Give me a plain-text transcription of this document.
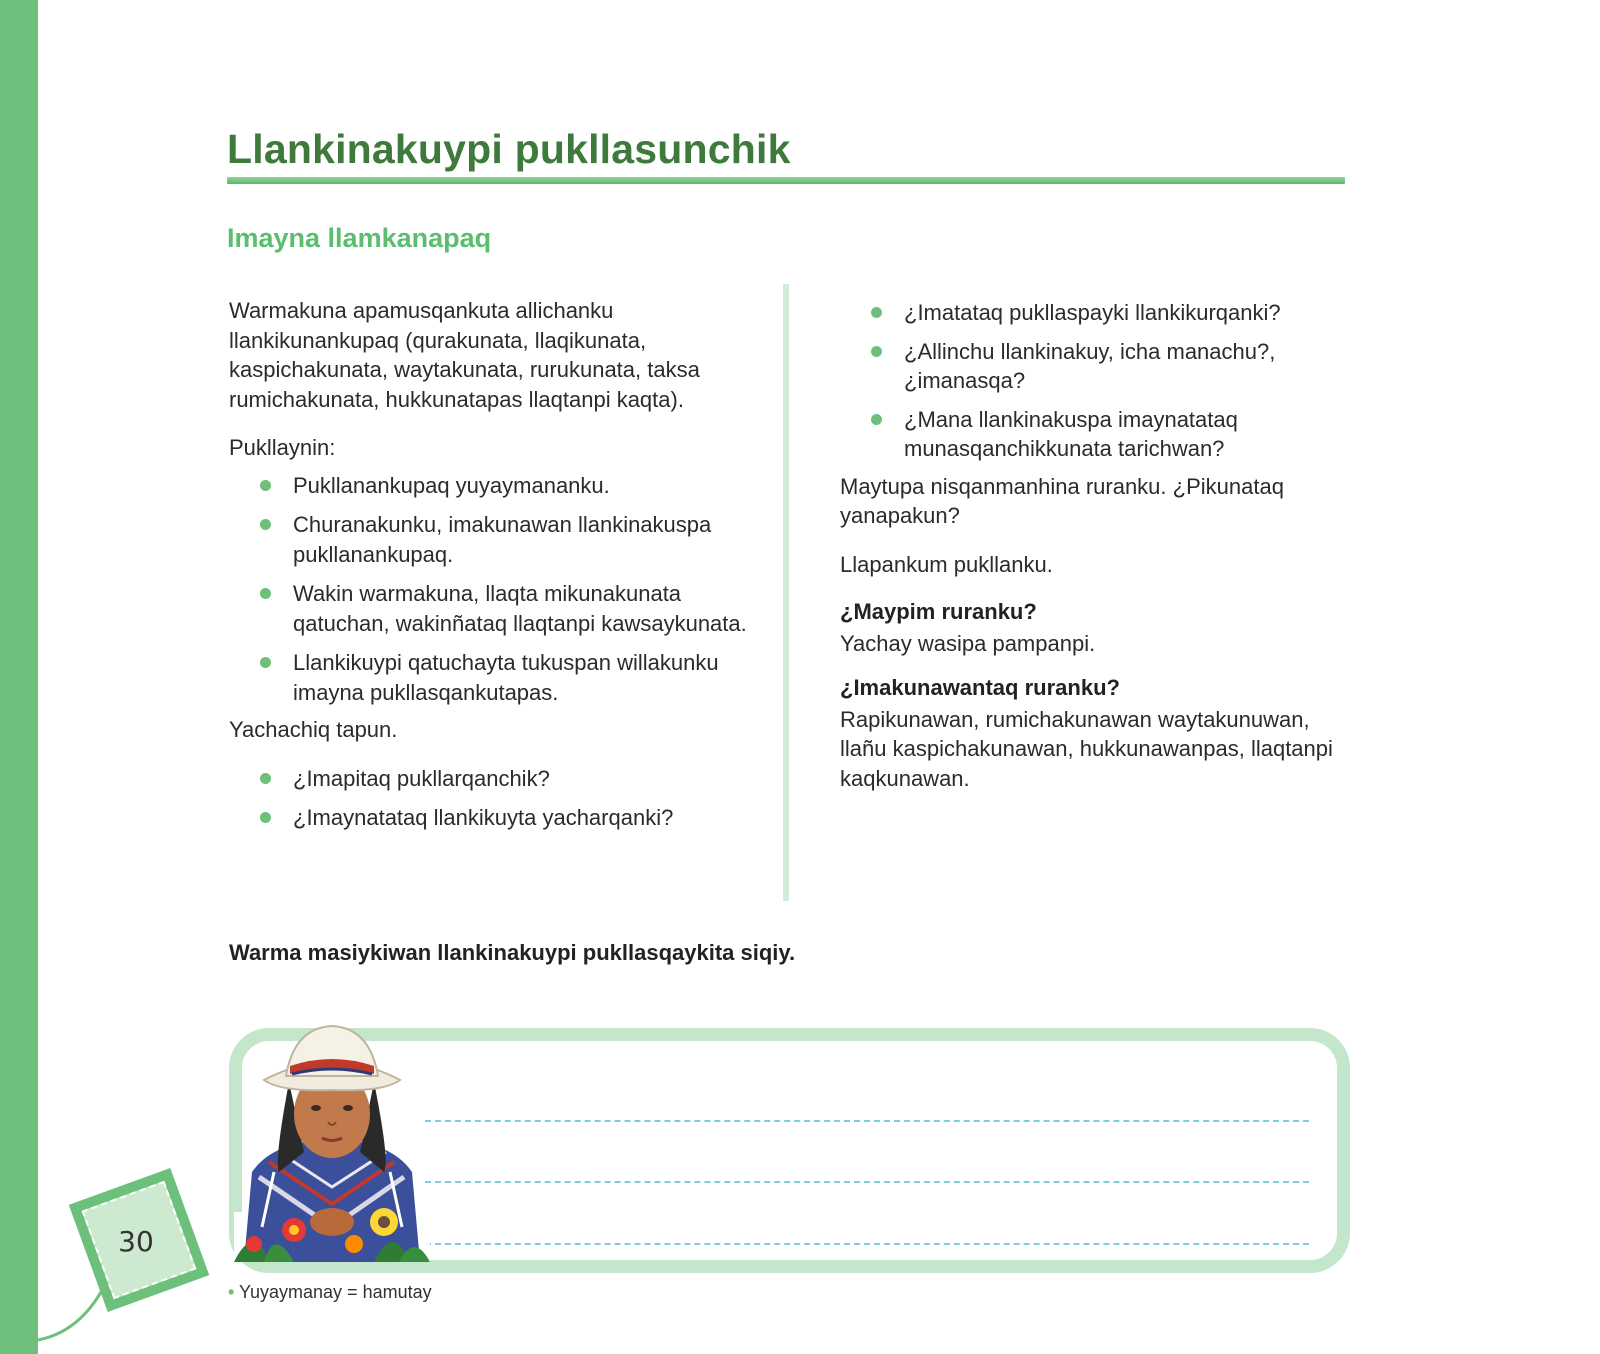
Llankinakuypi pukllasunchik
Imayna llamkanapaq

Warmakuna apamusqankuta allichanku llankikunankupaq (qurakunata, llaqikunata, kaspichakunata, waytakunata, rurukunata, taksa rumichakunata, hukkunatapas llaqtanpi kaqta).

Pukllaynin:

Pukllanankupaq yuyaymananku.
Churanakunku, imakunawan llankinakuspa pukllanankupaq.
Wakin warmakuna, llaqta mikunakunata qatuchan, wakinñataq llaqtanpi kawsaykunata.
Llankikuypi qatuchayta tukuspan willakunku imayna pukllasqankutapas.

Yachachiq tapun.

¿Imapitaq pukllarqanchik?
¿Imaynatataq llankikuyta yacharqanki?
¿Imatataq pukllaspayki llankikurqanki?
¿Allinchu llankinakuy, icha manachu?, ¿imanasqa?
¿Mana llankinakuspa imaynatataq munasqanchikkunata tarichwan?

Maytupa nisqanmanhina ruranku. ¿Pikunataq yanapakun?

Llapankum pukllanku.

¿Maypim ruranku?

Yachay wasipa pampanpi.

¿Imakunawantaq ruranku?

Rapikunawan, rumichakunawan waytakunuwan, llañu kaspichakunawan, hukkunawanpas, llaqtanpi kaqkunawan.

Warma masiykiwan llankinakuypi pukllasqaykita siqiy.

30

• Yuyaymanay = hamutay
